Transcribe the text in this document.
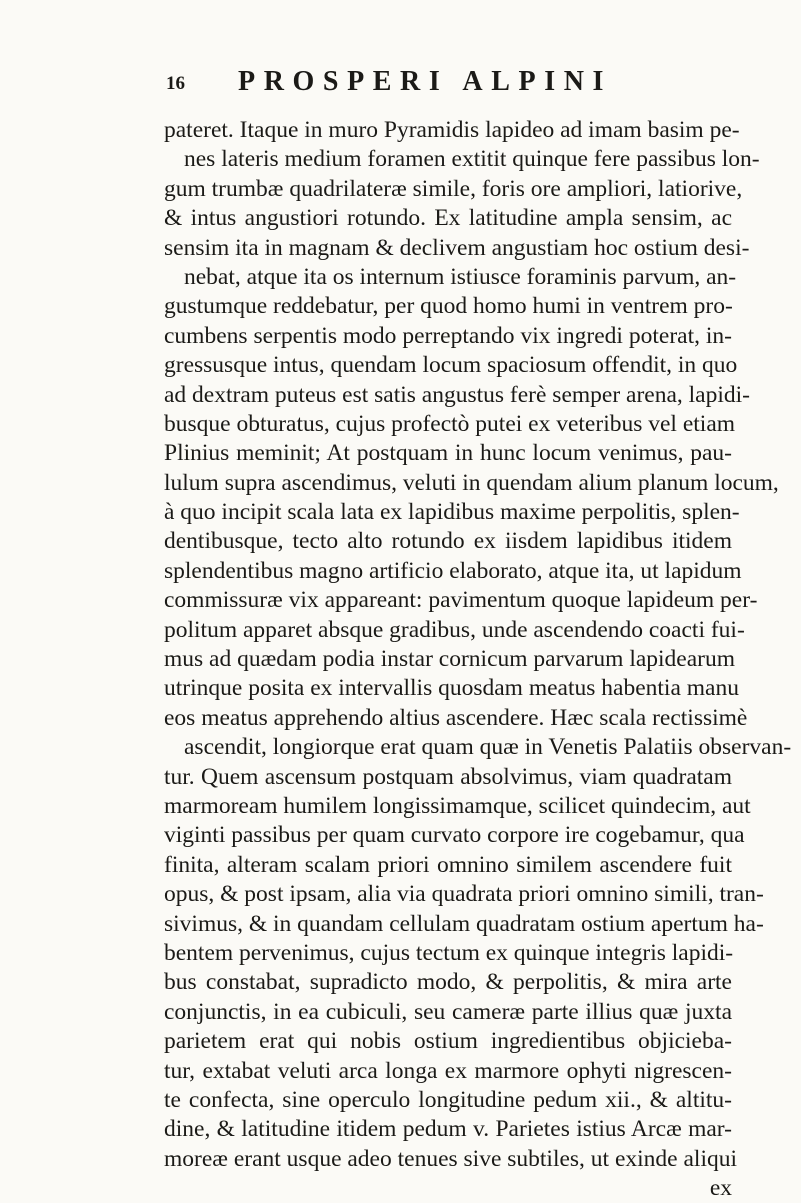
16 PROSPERI ALPINI
pateret. Itaque in muro Pyramidis lapideo ad imam basim pe-
nes lateris medium foramen extitit quinque fere passibus lon-
gum trumbæ quadrilateræ simile, foris ore ampliori, latiorive,
& intus angustiori rotundo. Ex latitudine ampla sensim, ac
sensim ita in magnam & declivem angustiam hoc ostium desi-
nebat, atque ita os internum istiusce foraminis parvum, an-
gustumque reddebatur, per quod homo humi in ventrem pro-
cumbens serpentis modo perreptando vix ingredi poterat, in-
gressusque intus, quendam locum spaciosum offendit, in quo
ad dextram puteus est satis angustus ferè semper arena, lapidi-
busque obturatus, cujus profectò putei ex veteribus vel etiam
Plinius meminit; At postquam in hunc locum venimus, pau-
lulum supra ascendimus, veluti in quendam alium planum locum,
à quo incipit scala lata ex lapidibus maxime perpolitis, splen-
dentibusque, tecto alto rotundo ex iisdem lapidibus itidem
splendentibus magno artificio elaborato, atque ita, ut lapidum
commissuræ vix appareant: pavimentum quoque lapideum per-
politum apparet absque gradibus, unde ascendendo coacti fui-
mus ad quædam podia instar cornicum parvarum lapidearum
utrinque posita ex intervallis quosdam meatus habentia manu
eos meatus apprehendo altius ascendere. Hæc scala rectissimè
ascendit, longiorque erat quam quæ in Venetis Palatiis observan-
tur. Quem ascensum postquam absolvimus, viam quadratam
marmoream humilem longissimamque, scilicet quindecim, aut
viginti passibus per quam curvato corpore ire cogebamur, qua
finita, alteram scalam priori omnino similem ascendere fuit
opus, & post ipsam, alia via quadrata priori omnino simili, tran-
sivimus, & in quandam cellulam quadratam ostium apertum ha-
bentem pervenimus, cujus tectum ex quinque integris lapidi-
bus constabat, supradicto modo, & perpolitis, & mira arte
conjunctis, in ea cubiculi, seu cameræ parte illius quæ juxta
parietem erat qui nobis ostium ingredientibus objicieba-
tur, extabat veluti arca longa ex marmore ophyti nigrescen-
te confecta, sine operculo longitudine pedum xii., & altitu-
dine, & latitudine itidem pedum v. Parietes istius Arcæ mar-
moreæ erant usque adeo tenues sive subtiles, ut exinde aliqui
ex
